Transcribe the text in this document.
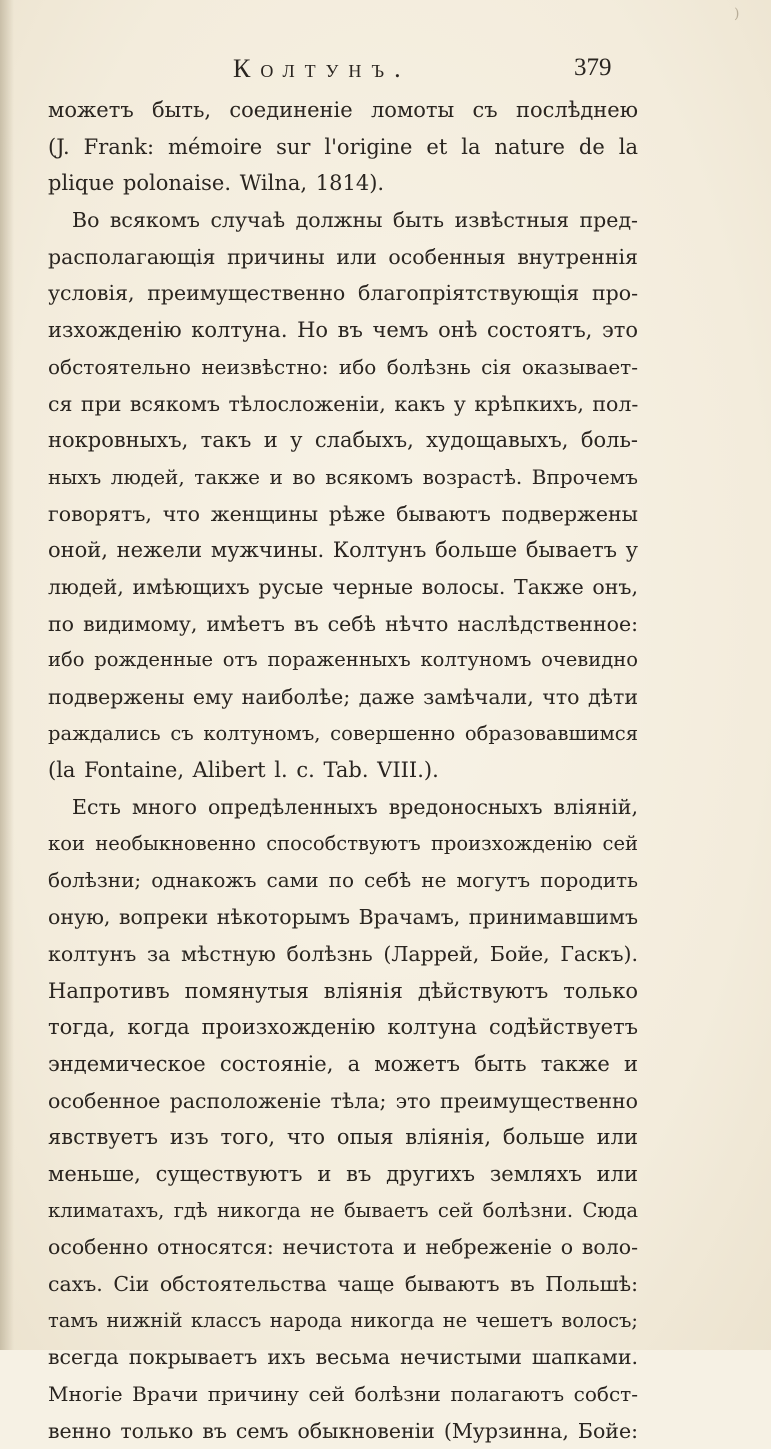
)
Колтунъ.	379
можетъ быть, соединеніе ломоты съ послѣднею
(J. Frank: mémoire sur l'origine et la nature de la
plique polonaise. Wilna, 1814).
Во всякомъ случаѣ должны быть извѣстныя пред-
располагающія причины или особенныя внутреннія
условія, преимущественно благопріятствующія про-
изхожденію колтуна. Но въ чемъ онѣ состоятъ, это
обстоятельно неизвѣстно: ибо болѣзнь сія оказывает-
ся при всякомъ тѣлосложеніи, какъ у крѣпкихъ, пол-
нокровныхъ, такъ и у слабыхъ, худощавыхъ, боль-
ныхъ людей, также и во всякомъ возрастѣ. Впрочемъ
говорятъ, что женщины рѣже бываютъ подвержены
оной, нежели мужчины. Колтунъ больше бываетъ у
людей, имѣющихъ русые черные волосы. Также онъ,
по видимому, имѣетъ въ себѣ нѣчто наслѣдственное:
ибо рожденные отъ пораженныхъ колтуномъ очевидно
подвержены ему наиболѣе; даже замѣчали, что дѣти
раждались съ колтуномъ, совершенно образовавшимся
(la Fontaine, Alibert l. c. Tab. VIII.).
Есть много опредѣленныхъ вредоносныхъ вліяній,
кои необыкновенно способствуютъ произхожденію сей
болѣзни; однакожъ сами по себѣ не могутъ породить
оную, вопреки нѣкоторымъ Врачамъ, принимавшимъ
колтунъ за мѣстную болѣзнь (Ларрей, Бойе, Гаскъ).
Напротивъ помянутыя вліянія дѣйствуютъ только
тогда, когда произхожденію колтуна содѣйствуетъ
эндемическое состояніе, а можетъ быть также и
особенное расположеніе тѣла; это преимущественно
явствуетъ изъ того, что опыя вліянія, больше или
меньше, существуютъ и въ другихъ земляхъ или
климатахъ, гдѣ никогда не бываетъ сей болѣзни. Сюда
особенно относятся: нечистота и небреженіе о воло-
сахъ. Сіи обстоятельства чаще бываютъ въ Польшѣ:
тамъ нижній классъ народа никогда не чешетъ волосъ;
всегда покрываетъ ихъ весьма нечистыми шапками.
Многіе Врачи причину сей болѣзни полагаютъ собст-
венно только въ семъ обыкновеніи (Мурзинна, Бойе:
